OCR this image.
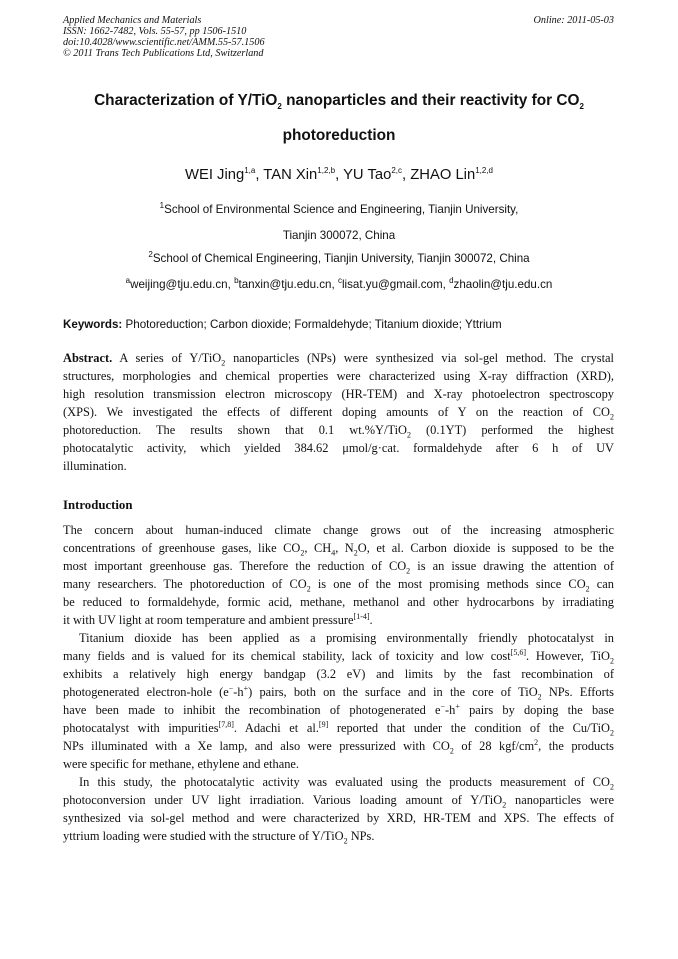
Applied Mechanics and Materials
ISSN: 1662-7482, Vols. 55-57, pp 1506-1510
doi:10.4028/www.scientific.net/AMM.55-57.1506
© 2011 Trans Tech Publications Ltd, Switzerland
Online: 2011-05-03
Characterization of Y/TiO$_2$ nanoparticles and their reactivity for $CO_2$
photoreduction
WEI Jing$^{1,a}$, TAN Xin$^{1,2,b}$, YU Tao$^{2,c}$, ZHAO Lin$^{1,2,d}$
$^1$School of Environmental Science and Engineering, Tianjin University,
Tianjin 300072, China
$^2$School of Chemical Engineering, Tianjin University, Tianjin 300072, China
$^a$weijing@tju.edu.cn, $^b$tanxin@tju.edu.cn, $^c$lisat.yu@gmail.com, $^d$zhaolin@tju.edu.cn
Keywords: Photoreduction; Carbon dioxide; Formaldehyde; Titanium dioxide; Yttrium
Abstract. A series of Y/TiO$_2$ nanoparticles (NPs) were synthesized via sol-gel method. The crystal
structures, morphologies and chemical properties were characterized using X-ray diffraction (XRD),
high resolution transmission electron microscopy (HR-TEM) and X-ray photoelectron spectroscopy
(XPS). We investigated the effects of different doping amounts of Y on the reaction of $CO_2$
photoreduction. The results shown that 0.1 wt.%Y/TiO$_2$ (0.1YT) performed the highest
photocatalytic activity, which yielded 384.62 μmol/g·cat. formaldehyde after 6 h of UV
illumination.
Introduction
The concern about human-induced climate change grows out of the increasing atmospheric
concentrations of greenhouse gases, like $CO_2$, $CH_4$, $N_2O$, et al. Carbon dioxide is supposed to be the
most important greenhouse gas. Therefore the reduction of $CO_2$ is an issue drawing the attention of
many researchers. The photoreduction of $CO_2$ is one of the most promising methods since $CO_2$ can
be reduced to formaldehyde, formic acid, methane, methanol and other hydrocarbons by irradiating
it with UV light at room temperature and ambient pressure[1-4].
Titanium dioxide has been applied as a promising environmentally friendly photocatalyst in
many fields and is valued for its chemical stability, lack of toxicity and low cost[5,6]. However, TiO$_2$
exhibits a relatively high energy bandgap (3.2 eV) and limits by the fast recombination of
photogenerated electron-hole (e−-h+) pairs, both on the surface and in the core of TiO$_2$ NPs. Efforts
have been made to inhibit the recombination of photogenerated e−-h+ pairs by doping the base
photocatalyst with impurities[7,8]. Adachi et al.[9] reported that under the condition of the Cu/TiO$_2$
NPs illuminated with a Xe lamp, and also were pressurized with $CO_2$ of 28 kgf/$cm^2$, the products
were specific for methane, ethylene and ethane.
In this study, the photocatalytic activity was evaluated using the products measurement of $CO_2$
photoconversion under UV light irradiation. Various loading amount of Y/TiO$_2$ nanoparticles were
synthesized via sol-gel method and were characterized by XRD, HR-TEM and XPS. The effects of
yttrium loading were studied with the structure of Y/TiO$_2$ NPs.
